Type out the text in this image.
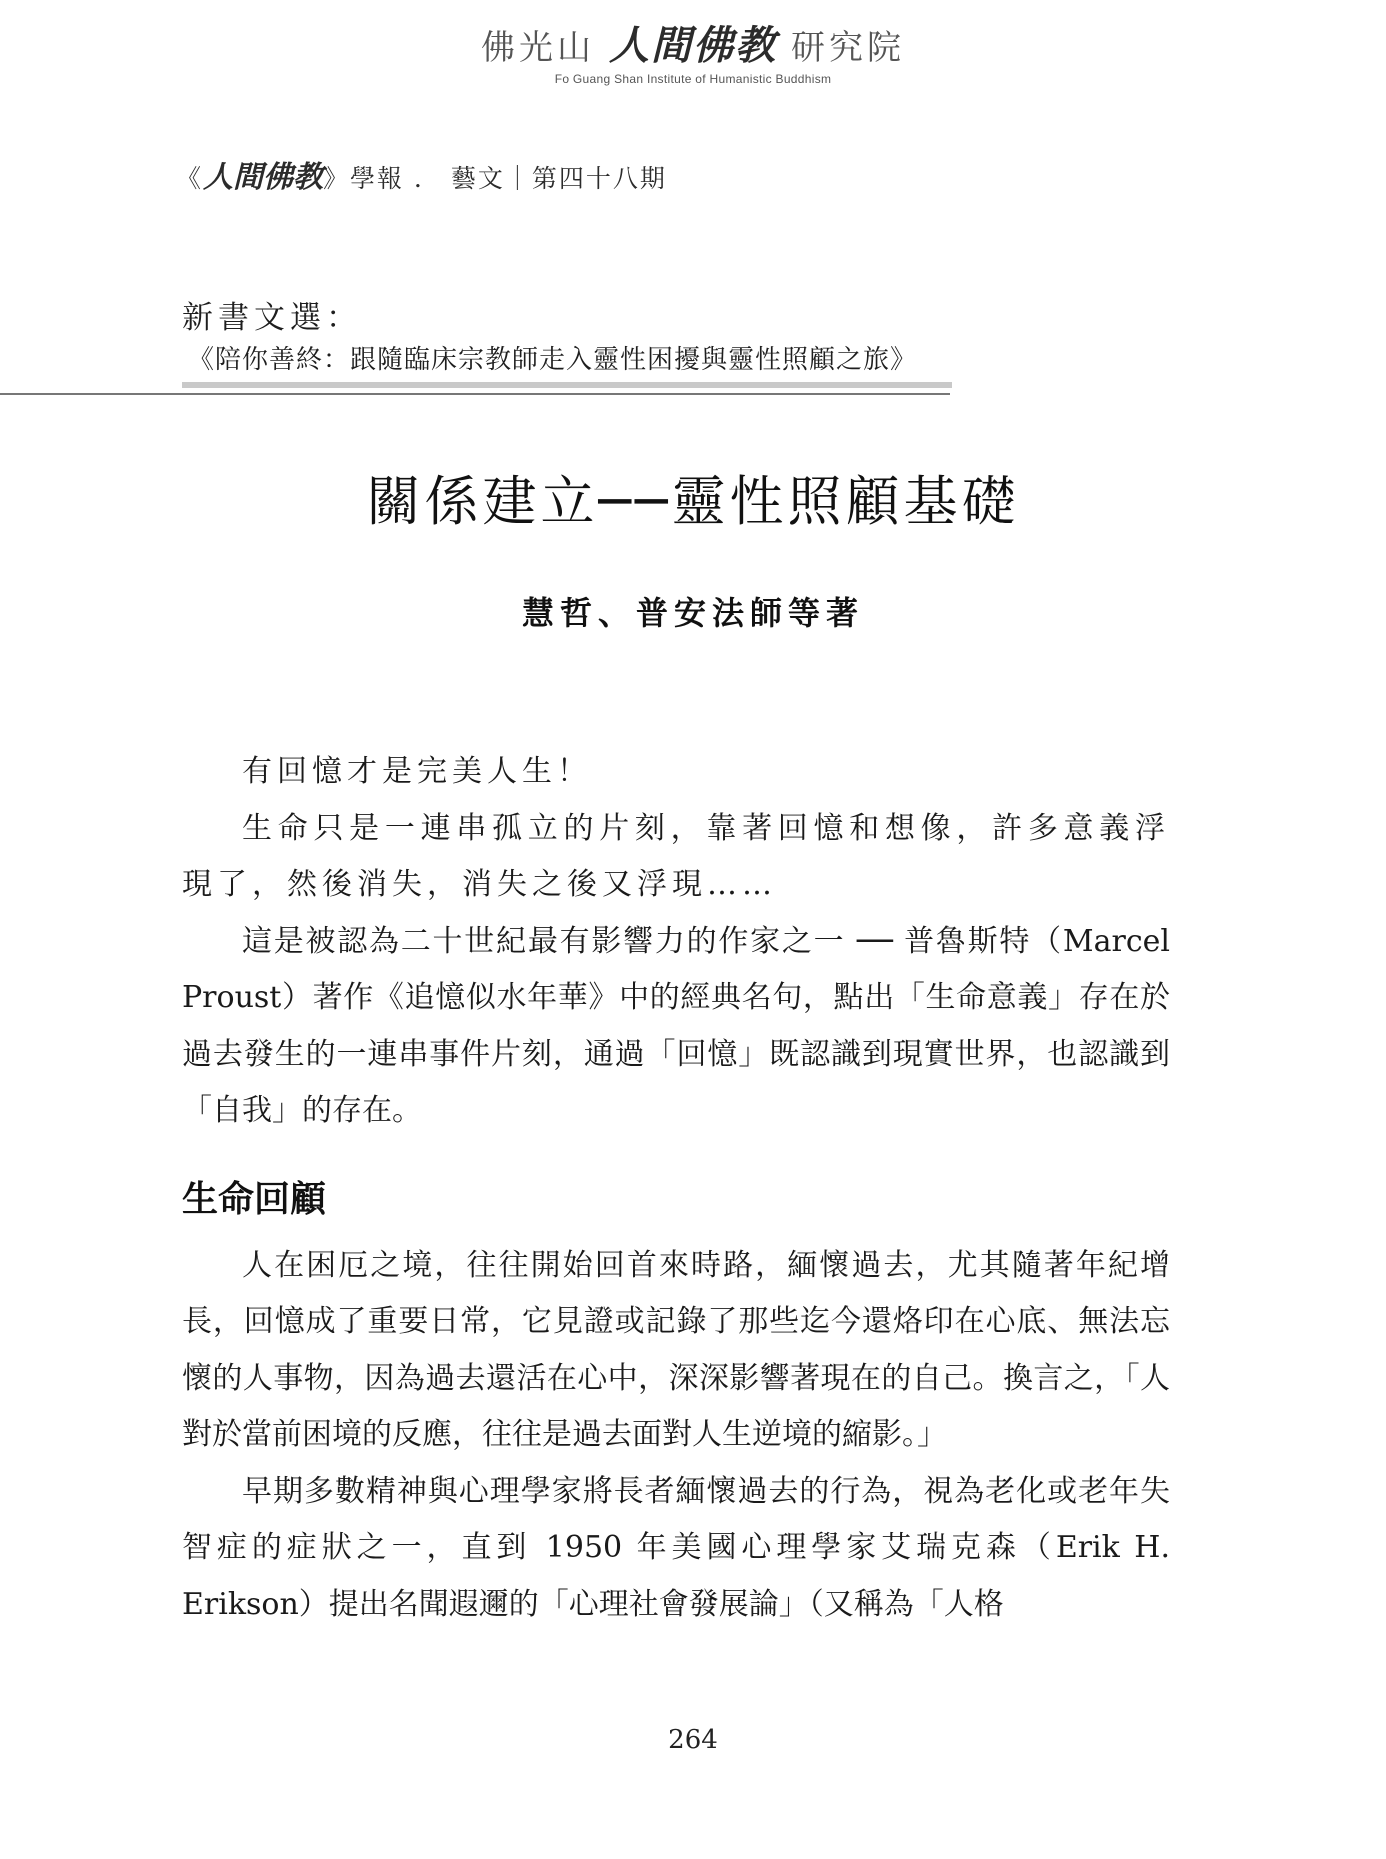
佛光山 人間佛教 研究院
Fo Guang Shan Institute of Humanistic Buddhism
《人間佛教》學報 ． 藝文｜第四十八期
新書文選：
《陪你善終：跟隨臨床宗教師走入靈性困擾與靈性照顧之旅》
關係建立──靈性照顧基礎
慧哲、普安法師等著

有回憶才是完美人生！

生命只是一連串孤立的片刻，靠著回憶和想像，許多意義浮現了，然後消失，消失之後又浮現……

這是被認為二十世紀最有影響力的作家之一 ── 普魯斯特（Marcel Proust）著作《追憶似水年華》中的經典名句，點出「生命意義」存在於過去發生的一連串事件片刻，通過「回憶」既認識到現實世界，也認識到「自我」的存在。

生命回顧

人在困厄之境，往往開始回首來時路，緬懷過去，尤其隨著年紀增長，回憶成了重要日常，它見證或記錄了那些迄今還烙印在心底、無法忘懷的人事物，因為過去還活在心中，深深影響著現在的自己。換言之，「人對於當前困境的反應，往往是過去面對人生逆境的縮影。」

早期多數精神與心理學家將長者緬懷過去的行為，視為老化或老年失智症的症狀之一，直到 1950 年美國心理學家艾瑞克森（Erik H. Erikson）提出名聞遐邇的「心理社會發展論」（又稱為「人格

264
